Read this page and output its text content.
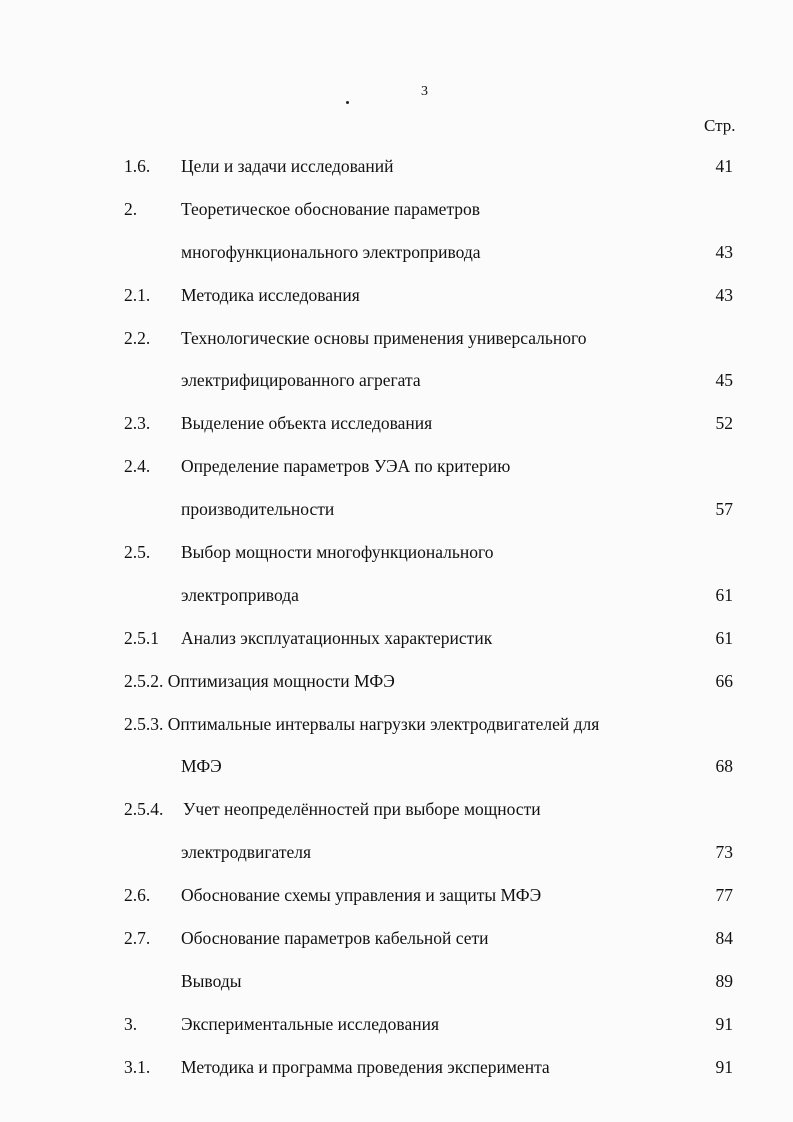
3
Стр.
1.6. Цели и задачи исследований	41
2.	Теоретическое обоснование параметров
многофункционального электропривода	43
2.1. Методика исследования	43
2.2. Технологические основы применения универсального
электрифицированного агрегата	45
2.3. Выделение объекта исследования	52
2.4. Определение параметров УЭА по критерию
производительности	57
2.5. Выбор мощности многофункционального
электропривода	61
2.5.1 Анализ эксплуатационных характеристик	61
2.5.2. Оптимизация мощности МФЭ	66
2.5.3. Оптимальные интервалы нагрузки электродвигателей для
МФЭ	68
2.5.4. Учет неопределённостей при выборе мощности
электродвигателя	73
2.6. Обоснование схемы управления и защиты МФЭ	77
2.7. Обоснование параметров кабельной сети	84
Выводы	89
3.	Экспериментальные исследования	91
3.1. Методика и программа проведения эксперимента	91
